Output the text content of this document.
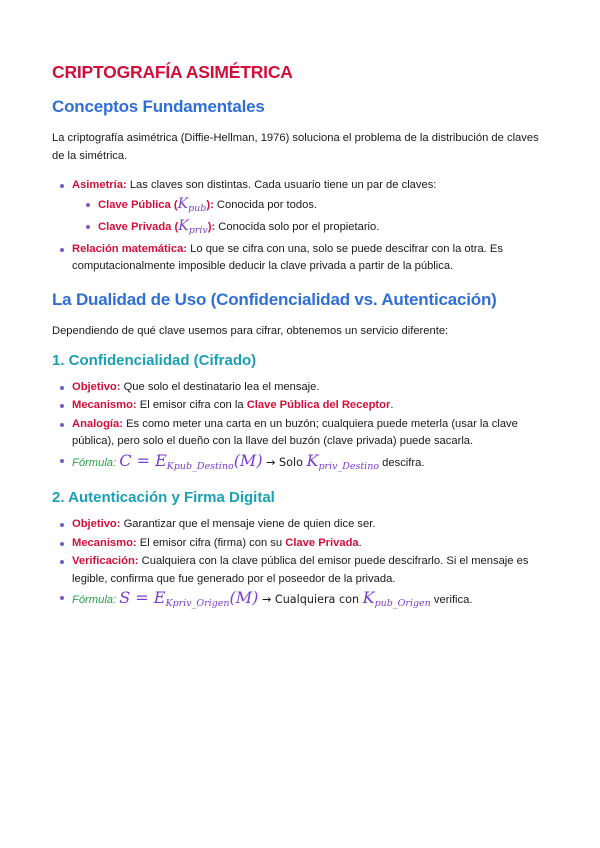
CRIPTOGRAFÍA ASIMÉTRICA
Conceptos Fundamentales

La criptografía asimétrica (Diffie-Hellman, 1976) soluciona el problema de la distribución de claves de la simétrica.

Asimetría: Las claves son distintas. Cada usuario tiene un par de claves:
Clave Pública $(K_{pub})$: Conocida por todos.
Clave Privada $(K_{priv})$: Conocida solo por el propietario.
Relación matemática: Lo que se cifra con una, solo se puede descifrar con la otra. Es computacionalmente imposible deducir la clave privada a partir de la pública.
La Dualidad de Uso (Confidencialidad vs. Autenticación)

Dependiendo de qué clave usemos para cifrar, obtenemos un servicio diferente:

1. Confidencialidad (Cifrado)
Objetivo: Que solo el destinatario lea el mensaje.
Mecanismo: El emisor cifra con la Clave Pública del Receptor.
Analogía: Es como meter una carta en un buzón; cualquiera puede meterla (usar la clave pública), pero solo el dueño con la llave del buzón (clave privada) puede sacarla.
Fórmula: $C = E_{Kpub\_Destino}(M)$ → Solo $K_{priv\_Destino}$ descifra.
2. Autenticación y Firma Digital
Objetivo: Garantizar que el mensaje viene de quien dice ser.
Mecanismo: El emisor cifra (firma) con su Clave Privada.
Verificación: Cualquiera con la clave pública del emisor puede descifrarlo. Si el mensaje es legible, confirma que fue generado por el poseedor de la privada.
Fórmula: $S = E_{Kpriv\_Origen}(M)$ → Cualquiera con $K_{pub\_Origen}$ verifica.
